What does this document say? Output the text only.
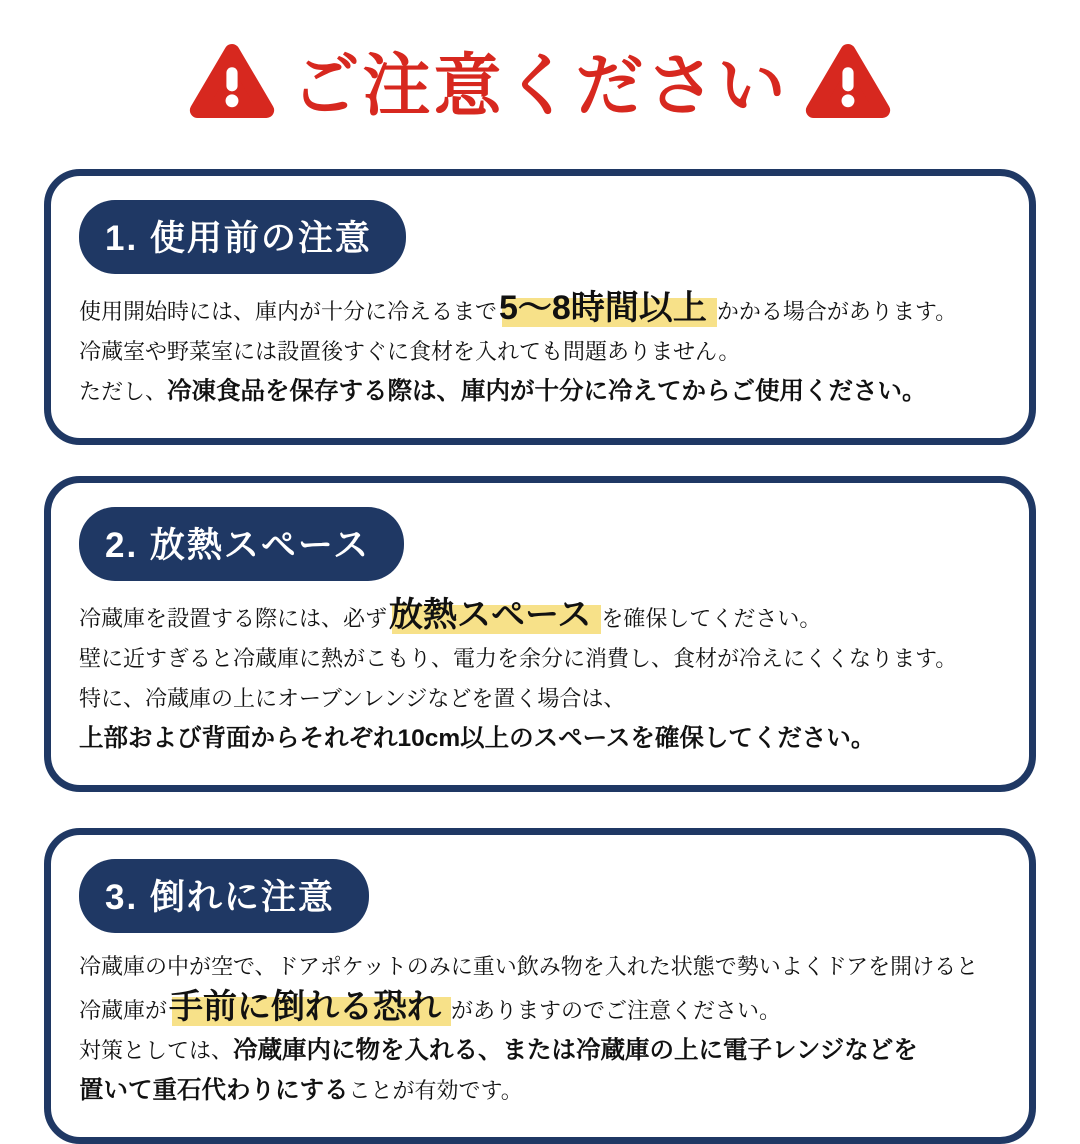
ご注意ください
1. 使用前の注意
使用開始時には、庫内が十分に冷えるまで5〜8時間以上 かかる場合があります。
冷蔵室や野菜室には設置後すぐに食材を入れても問題ありません。
ただし、冷凍食品を保存する際は、庫内が十分に冷えてからご使用ください。
2. 放熱スペース
冷蔵庫を設置する際には、必ず放熱スペース を確保してください。
壁に近すぎると冷蔵庫に熱がこもり、電力を余分に消費し、食材が冷えにくくなります。
特に、冷蔵庫の上にオーブンレンジなどを置く場合は、
上部および背面からそれぞれ10cm以上のスペースを確保してください。
3. 倒れに注意
冷蔵庫の中が空で、ドアポケットのみに重い飲み物を入れた状態で勢いよくドアを開けると
冷蔵庫が手前に倒れる恐れ がありますのでご注意ください。
対策としては、冷蔵庫内に物を入れる、または冷蔵庫の上に電子レンジなどを
置いて重石代わりにすることが有効です。
